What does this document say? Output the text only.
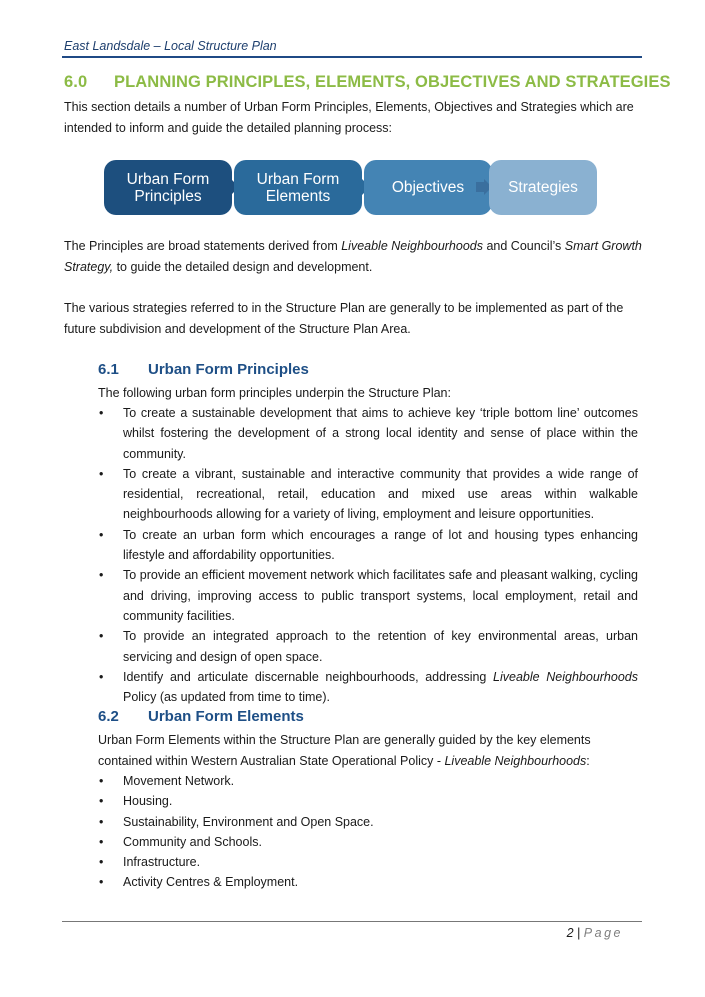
East Landsdale – Local Structure Plan
6.0 PLANNING PRINCIPLES, ELEMENTS, OBJECTIVES AND STRATEGIES
This section details a number of Urban Form Principles, Elements, Objectives and Strategies which are intended to inform and guide the detailed planning process:
Urban Form
Principles
Urban Form
Elements	Objectives	Strategies
The Principles are broad statements derived from Liveable Neighbourhoods and Council’s Smart Growth Strategy, to guide the detailed design and development.
The various strategies referred to in the Structure Plan are generally to be implemented as part of the future subdivision and development of the Structure Plan Area.
6.1 Urban Form Principles
The following urban form principles underpin the Structure Plan:
• To create a sustainable development that aims to achieve key ‘triple bottom line’ outcomes whilst fostering the development of a strong local identity and sense of place within the community.
• To create a vibrant, sustainable and interactive community that provides a wide range of residential, recreational, retail, education and mixed use areas within walkable neighbourhoods allowing for a variety of living, employment and leisure opportunities.
• To create an urban form which encourages a range of lot and housing types enhancing lifestyle and affordability opportunities.
• To provide an efficient movement network which facilitates safe and pleasant walking, cycling and driving, improving access to public transport systems, local employment, retail and community facilities.
• To provide an integrated approach to the retention of key environmental areas, urban servicing and design of open space.
• Identify and articulate discernable neighbourhoods, addressing Liveable Neighbourhoods Policy (as updated from time to time).
6.2 Urban Form Elements
Urban Form Elements within the Structure Plan are generally guided by the key elements contained within Western Australian State Operational Policy - Liveable Neighbourhoods:
• Movement Network.
• Housing.
• Sustainability, Environment and Open Space.
• Community and Schools.
• Infrastructure.
• Activity Centres & Employment.
2 | Page
